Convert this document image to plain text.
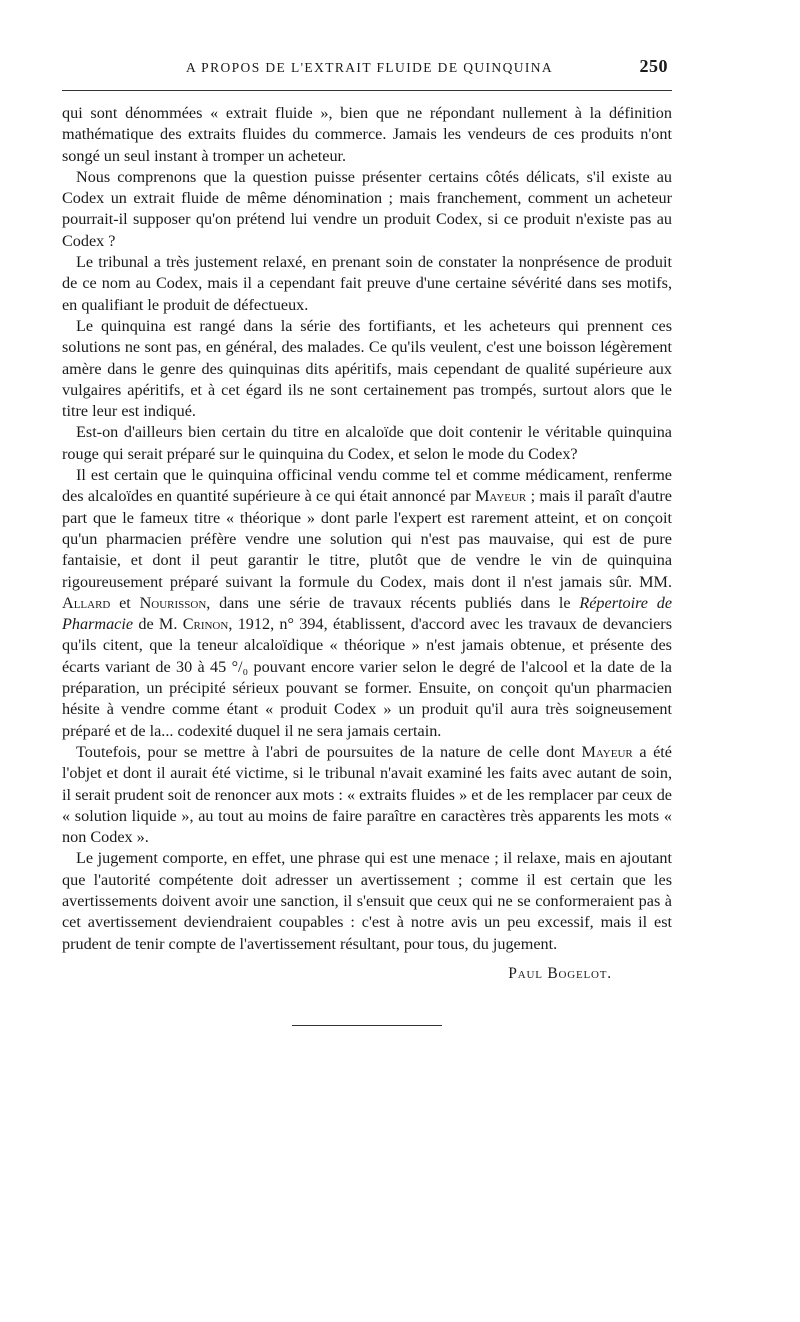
A PROPOS DE L'EXTRAIT FLUIDE DE QUINQUINA	250

qui sont dénommées « extrait fluide », bien que ne répondant nullement à la définition mathématique des extraits fluides du commerce. Jamais les vendeurs de ces produits n'ont songé un seul instant à tromper un acheteur.

Nous comprenons que la question puisse présenter certains côtés délicats, s'il existe au Codex un extrait fluide de même dénomination ; mais franchement, comment un acheteur pourrait-il supposer qu'on prétend lui vendre un produit Codex, si ce produit n'existe pas au Codex ?

Le tribunal a très justement relaxé, en prenant soin de constater la nonprésence de produit de ce nom au Codex, mais il a cependant fait preuve d'une certaine sévérité dans ses motifs, en qualifiant le produit de défectueux.

Le quinquina est rangé dans la série des fortifiants, et les acheteurs qui prennent ces solutions ne sont pas, en général, des malades. Ce qu'ils veulent, c'est une boisson légèrement amère dans le genre des quinquinas dits apéritifs, mais cependant de qualité supérieure aux vulgaires apéritifs, et à cet égard ils ne sont certainement pas trompés, surtout alors que le titre leur est indiqué.

Est-on d'ailleurs bien certain du titre en alcaloïde que doit contenir le véritable quinquina rouge qui serait préparé sur le quinquina du Codex, et selon le mode du Codex?

Il est certain que le quinquina officinal vendu comme tel et comme médicament, renferme des alcaloïdes en quantité supérieure à ce qui était annoncé par Mayeur ; mais il paraît d'autre part que le fameux titre « théorique » dont parle l'expert est rarement atteint, et on conçoit qu'un pharmacien préfère vendre une solution qui n'est pas mauvaise, qui est de pure fantaisie, et dont il peut garantir le titre, plutôt que de vendre le vin de quinquina rigoureusement préparé suivant la formule du Codex, mais dont il n'est jamais sûr. MM. Allard et Nourisson, dans une série de travaux récents publiés dans le Répertoire de Pharmacie de M. Crinon, 1912, n° 394, établissent, d'accord avec les travaux de devanciers qu'ils citent, que la teneur alcaloïdique « théorique » n'est jamais obtenue, et présente des écarts variant de 30 à 45 °/₀ pouvant encore varier selon le degré de l'alcool et la date de la préparation, un précipité sérieux pouvant se former. Ensuite, on conçoit qu'un pharmacien hésite à vendre comme étant « produit Codex » un produit qu'il aura très soigneusement préparé et de la... codexité duquel il ne sera jamais certain.

Toutefois, pour se mettre à l'abri de poursuites de la nature de celle dont Mayeur a été l'objet et dont il aurait été victime, si le tribunal n'avait examiné les faits avec autant de soin, il serait prudent soit de renoncer aux mots : « extraits fluides » et de les remplacer par ceux de « solution liquide », au tout au moins de faire paraître en caractères très apparents les mots « non Codex ».

Le jugement comporte, en effet, une phrase qui est une menace ; il relaxe, mais en ajoutant que l'autorité compétente doit adresser un avertissement ; comme il est certain que les avertissements doivent avoir une sanction, il s'ensuit que ceux qui ne se conformeraient pas à cet avertissement deviendraient coupables : c'est à notre avis un peu excessif, mais il est prudent de tenir compte de l'avertissement résultant, pour tous, du jugement.

Paul Bogelot.
